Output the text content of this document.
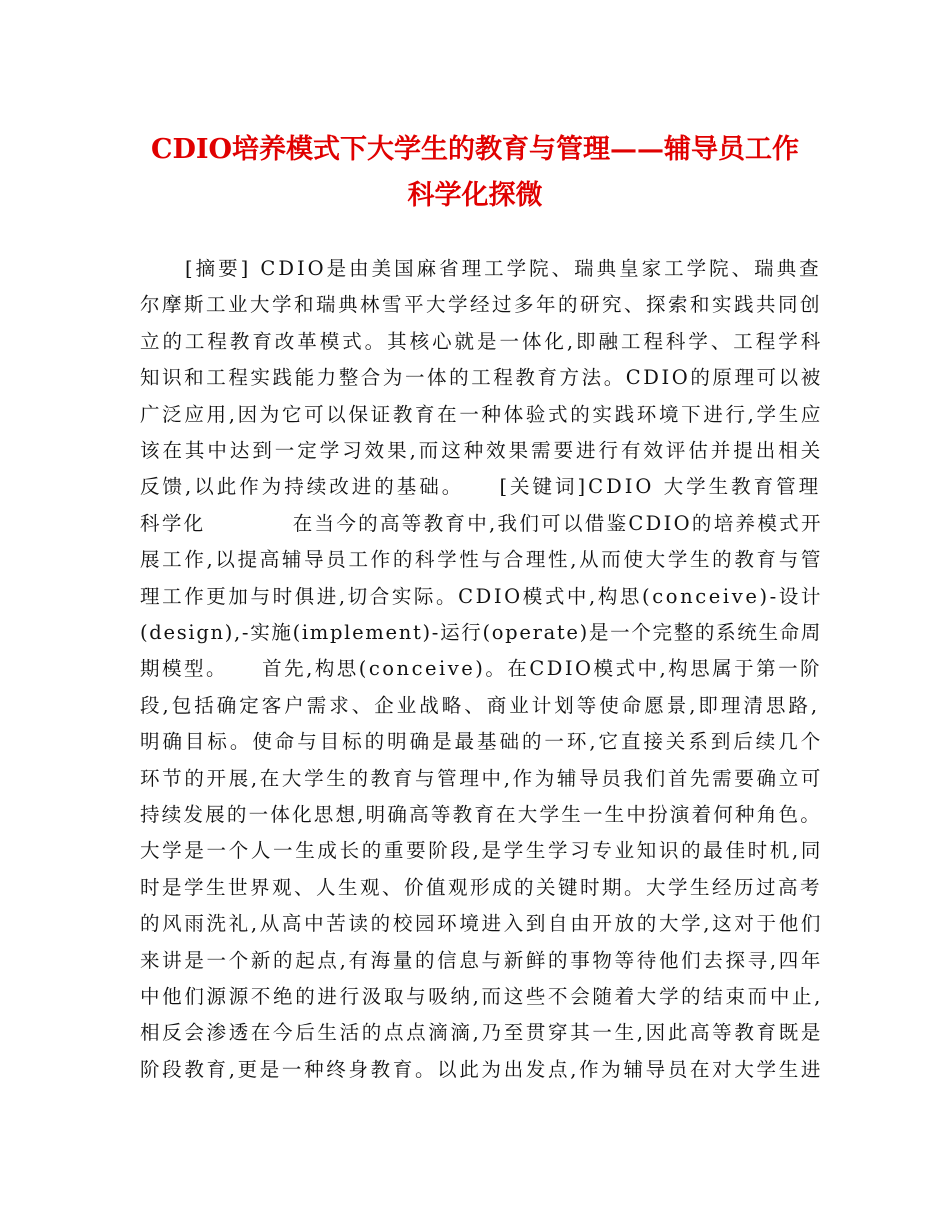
CDIO培养模式下大学生的教育与管理——辅导员工作
科学化探微
　　[摘要] CDIO是由美国麻省理工学院、瑞典皇家工学院、瑞典查
尔摩斯工业大学和瑞典林雪平大学经过多年的研究、探索和实践共同创
立的工程教育改革模式。其核心就是一体化,即融工程科学、工程学科
知识和工程实践能力整合为一体的工程教育方法。CDIO的原理可以被
广泛应用,因为它可以保证教育在一种体验式的实践环境下进行,学生应
该在其中达到一定学习效果,而这种效果需要进行有效评估并提出相关
反馈,以此作为持续改进的基础。　　[关键词]CDIO 大学生教育管理
科学化　　　　在当今的高等教育中,我们可以借鉴CDIO的培养模式开
展工作,以提高辅导员工作的科学性与合理性,从而使大学生的教育与管
理工作更加与时俱进,切合实际。CDIO模式中,构思(conceive)-设计
(design),-实施(implement)-运行(operate)是一个完整的系统生命周
期模型。　　首先,构思(conceive)。在CDIO模式中,构思属于第一阶
段,包括确定客户需求、企业战略、商业计划等使命愿景,即理清思路,
明确目标。使命与目标的明确是最基础的一环,它直接关系到后续几个
环节的开展,在大学生的教育与管理中,作为辅导员我们首先需要确立可
持续发展的一体化思想,明确高等教育在大学生一生中扮演着何种角色。
大学是一个人一生成长的重要阶段,是学生学习专业知识的最佳时机,同
时是学生世界观、人生观、价值观形成的关键时期。大学生经历过高考
的风雨洗礼,从高中苦读的校园环境进入到自由开放的大学,这对于他们
来讲是一个新的起点,有海量的信息与新鲜的事物等待他们去探寻,四年
中他们源源不绝的进行汲取与吸纳,而这些不会随着大学的结束而中止,
相反会渗透在今后生活的点点滴滴,乃至贯穿其一生,因此高等教育既是
阶段教育,更是一种终身教育。以此为出发点,作为辅导员在对大学生进
